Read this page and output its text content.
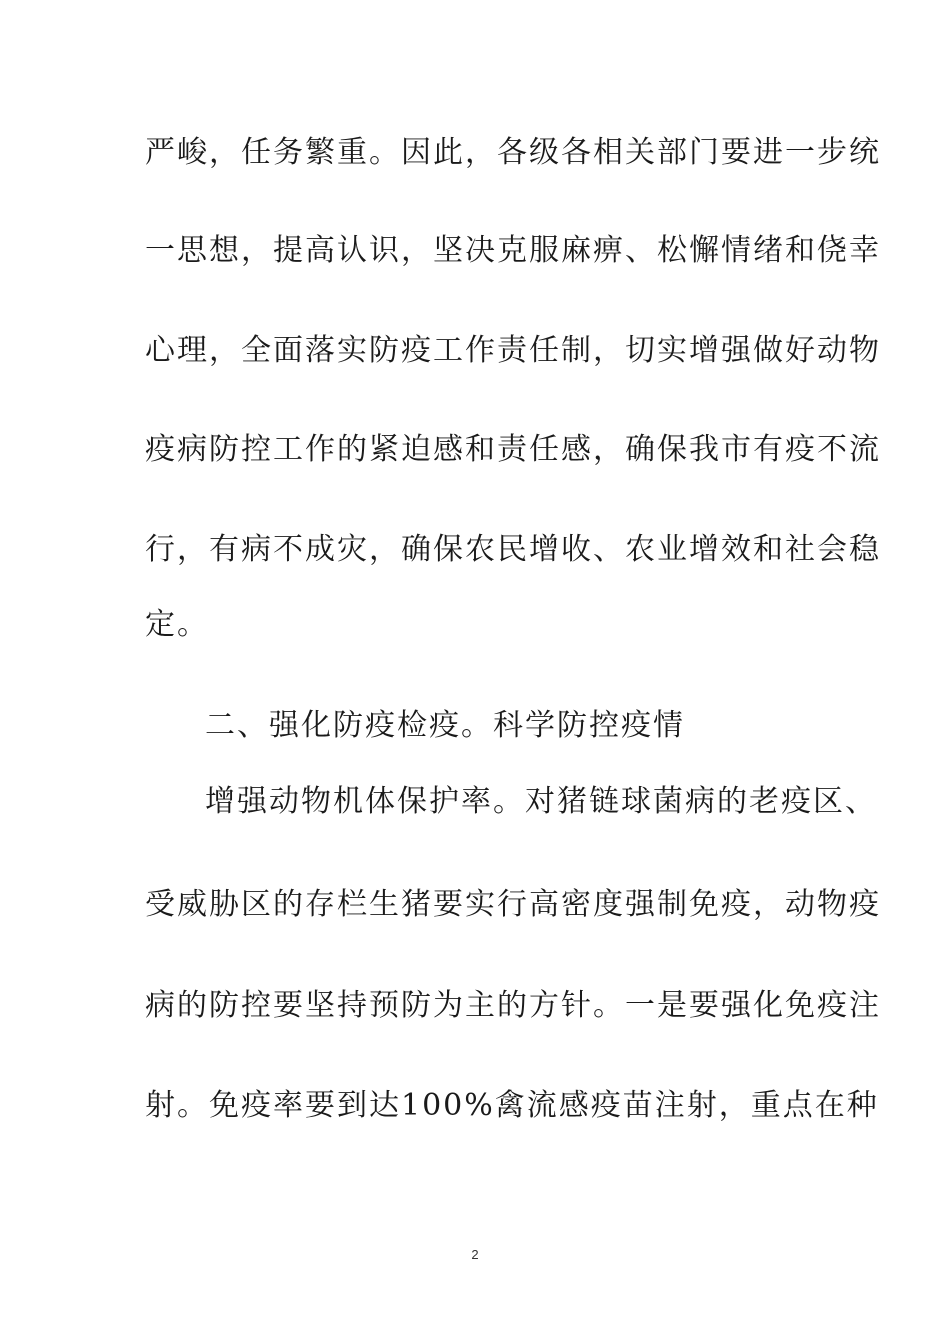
严峻，任务繁重。因此，各级各相关部门要进一步统
一思想，提高认识，坚决克服麻痹、松懈情绪和侥幸
心理，全面落实防疫工作责任制，切实增强做好动物
疫病防控工作的紧迫感和责任感，确保我市有疫不流
行，有病不成灾，确保农民增收、农业增效和社会稳
定。
二、强化防疫检疫。科学防控疫情
增强动物机体保护率。对猪链球菌病的老疫区、
受威胁区的存栏生猪要实行高密度强制免疫，动物疫
病的防控要坚持预防为主的方针。一是要强化免疫注
射。免疫率要到达100%禽流感疫苗注射，重点在种
2
